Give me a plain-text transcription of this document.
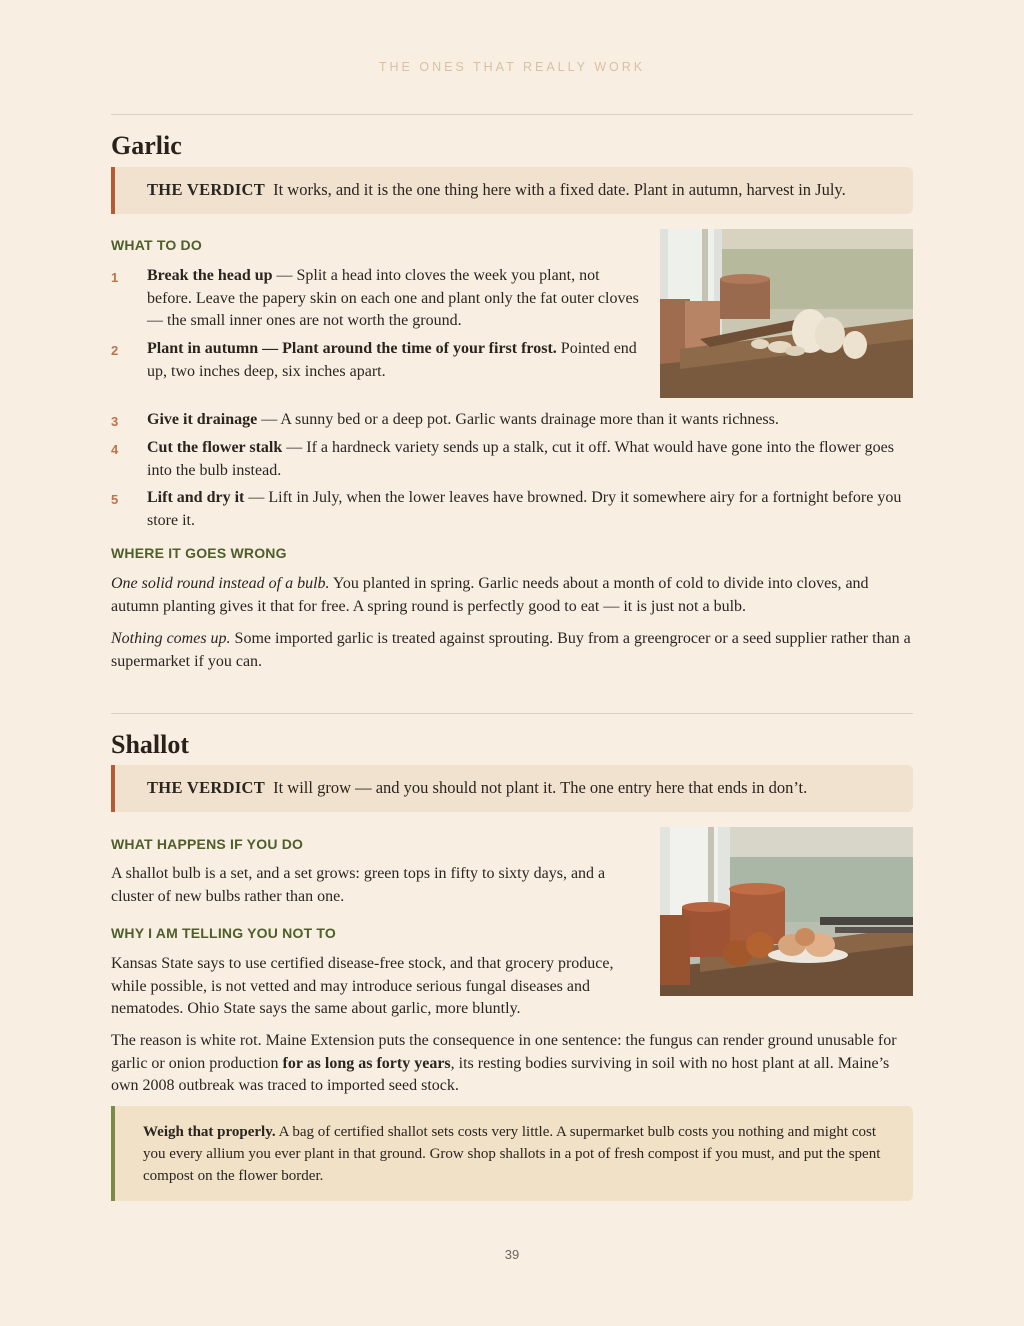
THE ONES THAT REALLY WORK
Garlic
THE VERDICT It works, and it is the one thing here with a fixed date. Plant in autumn, harvest in July.
WHAT TO DO
1 Break the head up — Split a head into cloves the week you plant, not before. Leave the papery skin on each one and plant only the fat outer cloves — the small inner ones are not worth the ground.
2 Plant in autumn — Plant around the time of your first frost. Pointed end up, two inches deep, six inches apart.
3 Give it drainage — A sunny bed or a deep pot. Garlic wants drainage more than it wants richness.
4 Cut the flower stalk — If a hardneck variety sends up a stalk, cut it off. What would have gone into the flower goes into the bulb instead.
5 Lift and dry it — Lift in July, when the lower leaves have browned. Dry it somewhere airy for a fortnight before you store it.
WHERE IT GOES WRONG

One solid round instead of a bulb. You planted in spring. Garlic needs about a month of cold to divide into cloves, and autumn planting gives it that for free. A spring round is perfectly good to eat — it is just not a bulb.

Nothing comes up. Some imported garlic is treated against sprouting. Buy from a greengrocer or a seed supplier rather than a supermarket if you can.

Shallot
THE VERDICT It will grow — and you should not plant it. The one entry here that ends in don’t.
WHAT HAPPENS IF YOU DO

A shallot bulb is a set, and a set grows: green tops in fifty to sixty days, and a cluster of new bulbs rather than one.

WHY I AM TELLING YOU NOT TO

Kansas State says to use certified disease-free stock, and that grocery produce, while possible, is not vetted and may introduce serious fungal diseases and nematodes. Ohio State says the same about garlic, more bluntly.

The reason is white rot. Maine Extension puts the consequence in one sentence: the fungus can render ground unusable for garlic or onion production for as long as forty years, its resting bodies surviving in soil with no host plant at all. Maine’s own 2008 outbreak was traced to imported seed stock.

Weigh that properly. A bag of certified shallot sets costs very little. A supermarket bulb costs you nothing and might cost you every allium you ever plant in that ground. Grow shop shallots in a pot of fresh compost if you must, and put the spent compost on the flower border.
39
